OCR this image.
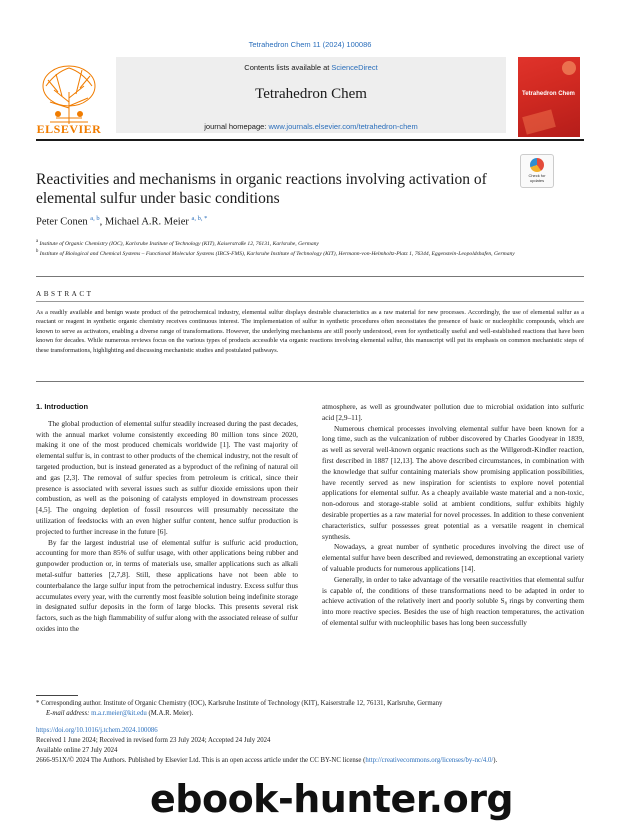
Tetrahedron Chem 11 (2024) 100086
ELSEVIER
Contents lists available at ScienceDirect
Tetrahedron Chem
journal homepage: www.journals.elsevier.com/tetrahedron-chem
Tetrahedron Chem
Check for updates
Reactivities and mechanisms in organic reactions involving activation of elemental sulfur under basic conditions
Peter Conen $^{a, b}$, Michael A.R. Meier $^{a, b, *}$
$^a$ Institute of Organic Chemistry (IOC), Karlsruhe Institute of Technology (KIT), Kaiserstraße 12, 76131, Karlsruhe, Germany
$^b$ Institute of Biological and Chemical Systems – Functional Molecular Systems (IBCS-FMS), Karlsruhe Institute of Technology (KIT), Hermann-von-Helmholtz-Platz 1, 76344, Eggenstein-Leopoldshafen, Germany
ABSTRACT
As a readily available and benign waste product of the petrochemical industry, elemental sulfur displays desirable characteristics as a raw material for new processes. Accordingly, the use of elemental sulfur as a reactant or reagent in synthetic organic chemistry receives continuous interest. The implementation of sulfur in synthetic procedures often necessitates the presence of basic or nucleophilic compounds, which are known to serve as activators, enabling a diverse range of transformations. However, the underlying mechanisms are still poorly understood, even for synthetically useful and well-established reactions that have been known for decades. While numerous reviews focus on the various types of products accessible via organic reactions involving elemental sulfur, this manuscript will put its emphasis on common mechanistic steps of these transformations, highlighting and discussing mechanistic studies and postulated pathways.

1. Introduction

The global production of elemental sulfur steadily increased during the past decades, with the annual market volume consistently exceeding 80 million tons since 2020, making it one of the most produced chemicals worldwide [1]. The vast majority of elemental sulfur is, in contrast to other products of the chemical industry, not the result of targeted production, but is instead generated as a byproduct of the refining of natural oil and gas [2,3]. The removal of sulfur species from petroleum is critical, since their presence is associated with several issues such as sulfur dioxide emissions upon their combustion, as well as the poisoning of catalysts employed in downstream processes [4,5]. The ongoing depletion of fossil resources will presumably necessitate the utilization of feedstocks with an even higher sulfur content, hence sulfur production is projected to further increase in the future [6].

By far the largest industrial use of elemental sulfur is sulfuric acid production, accounting for more than 85% of sulfur usage, with other applications being rubber and gunpowder production or, in terms of materials use, smaller applications such as alkali metal-sulfur batteries [2,7,8]. Still, these applications have not been able to counterbalance the large sulfur input from the petrochemical industry. Excess sulfur thus accumulates every year, with the currently most feasible solution being indefinite storage in designated sulfur deposits in the form of large blocks. This presents several risk factors, such as the high flammability of sulfur along with the associated release of sulfur oxides into the

atmosphere, as well as groundwater pollution due to microbial oxidation into sulfuric acid [2,9–11].

Numerous chemical processes involving elemental sulfur have been known for a long time, such as the vulcanization of rubber discovered by Charles Goodyear in 1839, as well as several well-known organic reactions such as the Willgerodt-Kindler reaction, first described in 1887 [12,13]. The above described circumstances, in combination with the knowledge that sulfur containing materials show promising application possibilities, have recently served as new inspiration for scientists to explore novel potential applications for elemental sulfur. As a cheaply available waste material and a non-toxic, non-odorous and storage-stable solid at ambient conditions, sulfur exhibits highly desirable properties as a raw material for novel processes. In addition to these convenient characteristics, sulfur possesses great potential as a versatile reagent in chemical synthesis.

Nowadays, a great number of synthetic procedures involving the direct use of elemental sulfur have been described and reviewed, demonstrating an exceptional variety of valuable products for numerous applications [14].

Generally, in order to take advantage of the versatile reactivities that elemental sulfur is capable of, the conditions of these transformations need to be adapted in order to achieve activation of the relatively inert and poorly soluble S₈ rings by converting them into more reactive species. Besides the use of high reaction temperatures, the activation of elemental sulfur with nucleophilic bases has long been successfully

* Corresponding author. Institute of Organic Chemistry (IOC), Karlsruhe Institute of Technology (KIT), Kaiserstraße 12, 76131, Karlsruhe, Germany
E-mail address: m.a.r.meier@kit.edu (M.A.R. Meier).
https://doi.org/10.1016/j.tchem.2024.100086
Received 1 June 2024; Received in revised form 23 July 2024; Accepted 24 July 2024
Available online 27 July 2024
2666-951X/© 2024 The Authors. Published by Elsevier Ltd. This is an open access article under the CC BY-NC license (http://creativecommons.org/licenses/by-nc/4.0/).
ebook-hunter.org
